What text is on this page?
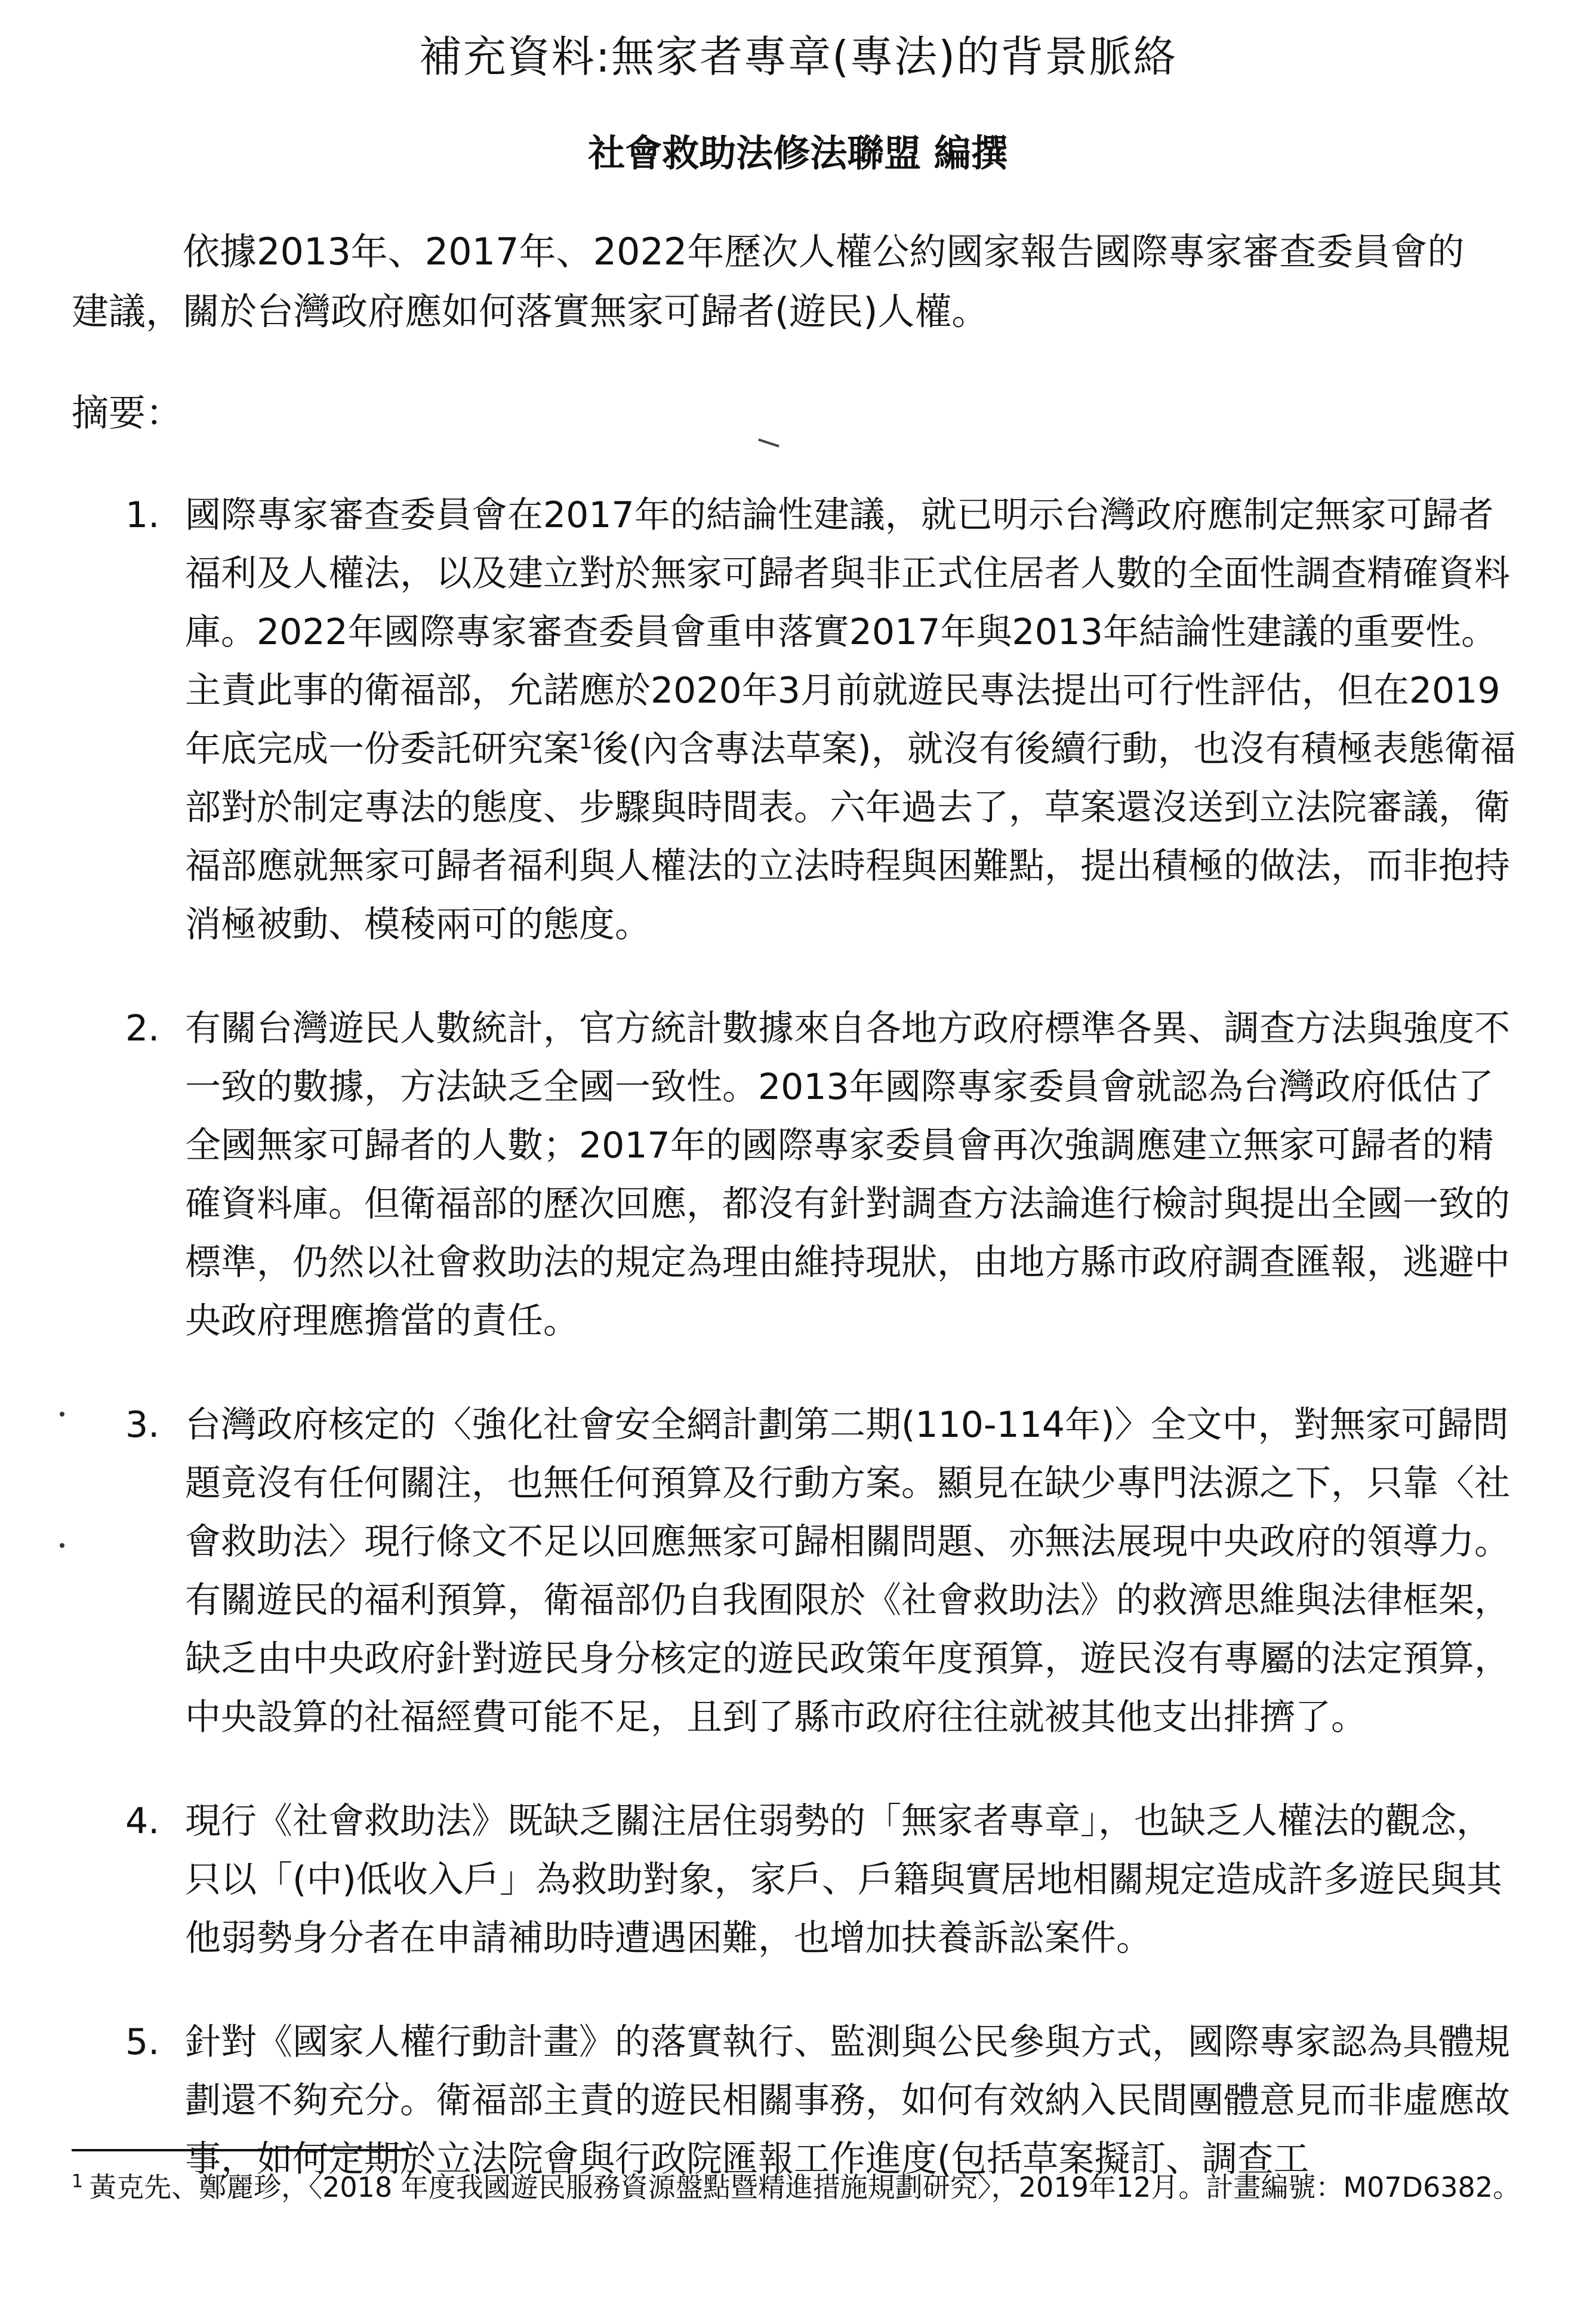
補充資料:無家者專章(專法)的背景脈絡
社會救助法修法聯盟 編撰

依據2013年、2017年、2022年歷次人權公約國家報告國際專家審查委員會的建議，關於台灣政府應如何落實無家可歸者(遊民)人權。

摘要：
1. 國際專家審查委員會在2017年的結論性建議，就已明示台灣政府應制定無家可歸者福利及人權法，以及建立對於無家可歸者與非正式住居者人數的全面性調查精確資料庫。2022年國際專家審查委員會重申落實2017年與2013年結論性建議的重要性。主責此事的衛福部，允諾應於2020年3月前就遊民專法提出可行性評估，但在2019年底完成一份委託研究案$^1$後(內含專法草案)，就沒有後續行動，也沒有積極表態衛福部對於制定專法的態度、步驟與時間表。六年過去了，草案還沒送到立法院審議，衛福部應就無家可歸者福利與人權法的立法時程與困難點，提出積極的做法，而非抱持消極被動、模稜兩可的態度。
2. 有關台灣遊民人數統計，官方統計數據來自各地方政府標準各異、調查方法與強度不一致的數據，方法缺乏全國一致性。2013年國際專家委員會就認為台灣政府低估了全國無家可歸者的人數；2017年的國際專家委員會再次強調應建立無家可歸者的精確資料庫。但衛福部的歷次回應，都沒有針對調查方法論進行檢討與提出全國一致的標準，仍然以社會救助法的規定為理由維持現狀，由地方縣市政府調查匯報，逃避中央政府理應擔當的責任。
3. 台灣政府核定的〈強化社會安全網計劃第二期(110-114年)〉全文中，對無家可歸問題竟沒有任何關注，也無任何預算及行動方案。顯見在缺少專門法源之下，只靠〈社會救助法〉現行條文不足以回應無家可歸相關問題、亦無法展現中央政府的領導力。有關遊民的福利預算，衛福部仍自我囿限於《社會救助法》的救濟思維與法律框架，缺乏由中央政府針對遊民身分核定的遊民政策年度預算，遊民沒有專屬的法定預算，中央設算的社福經費可能不足，且到了縣市政府往往就被其他支出排擠了。
4. 現行《社會救助法》既缺乏關注居住弱勢的「無家者專章」，也缺乏人權法的觀念，只以「(中)低收入戶」為救助對象，家戶、戶籍與實居地相關規定造成許多遊民與其他弱勢身分者在申請補助時遭遇困難，也增加扶養訴訟案件。
5. 針對《國家人權行動計畫》的落實執行、監測與公民參與方式，國際專家認為具體規劃還不夠充分。衛福部主責的遊民相關事務，如何有效納入民間團體意見而非虛應故事，如何定期於立法院會與行政院匯報工作進度(包括草案擬訂、調查工
$^1$ 黃克先、鄭麗珍，〈2018 年度我國遊民服務資源盤點暨精進措施規劃研究〉，2019年12月。計畫編號：M07D6382。
